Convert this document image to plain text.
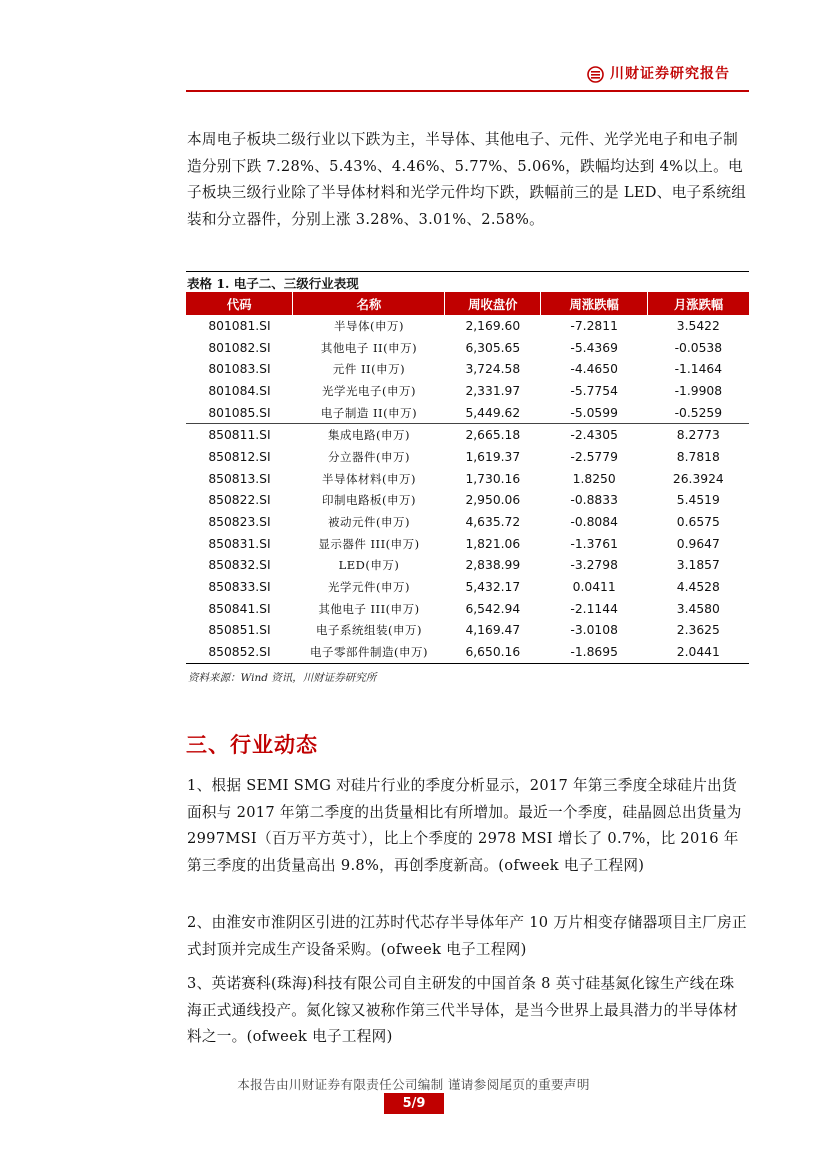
川财证券研究报告

本周电子板块二级行业以下跌为主，半导体、其他电子、元件、光学光电子和电子制造分别下跌 7.28%、5.43%、4.46%、5.77%、5.06%，跌幅均达到 4%以上。电子板块三级行业除了半导体材料和光学元件均下跌，跌幅前三的是 LED、电子系统组装和分立器件，分别上涨 3.28%、3.01%、2.58%。

表格 1. 电子二、三级行业表现
代码	名称	周收盘价	周涨跌幅	月涨跌幅
801081.SI	半导体(申万)	2,169.60	-7.2811	3.5422
801082.SI	其他电子 II(申万)	6,305.65	-5.4369	-0.0538
801083.SI	元件 II(申万)	3,724.58	-4.4650	-1.1464
801084.SI	光学光电子(申万)	2,331.97	-5.7754	-1.9908
801085.SI	电子制造 II(申万)	5,449.62	-5.0599	-0.5259
850811.SI	集成电路(申万)	2,665.18	-2.4305	8.2773
850812.SI	分立器件(申万)	1,619.37	-2.5779	8.7818
850813.SI	半导体材料(申万)	1,730.16	1.8250	26.3924
850822.SI	印制电路板(申万)	2,950.06	-0.8833	5.4519
850823.SI	被动元件(申万)	4,635.72	-0.8084	0.6575
850831.SI	显示器件 III(申万)	1,821.06	-1.3761	0.9647
850832.SI	LED(申万)	2,838.99	-3.2798	3.1857
850833.SI	光学元件(申万)	5,432.17	0.0411	4.4528
850841.SI	其他电子 III(申万)	6,542.94	-2.1144	3.4580
850851.SI	电子系统组装(申万)	4,169.47	-3.0108	2.3625
850852.SI	电子零部件制造(申万)	6,650.16	-1.8695	2.0441
资料来源：Wind 资讯，川财证券研究所
三、行业动态

1、根据 SEMI SMG 对硅片行业的季度分析显示，2017 年第三季度全球硅片出货面积与 2017 年第二季度的出货量相比有所增加。最近一个季度，硅晶圆总出货量为 2997MSI（百万平方英寸），比上个季度的 2978 MSI 增长了 0.7%，比 2016 年第三季度的出货量高出 9.8%，再创季度新高。(ofweek 电子工程网)

2、由淮安市淮阴区引进的江苏时代芯存半导体年产 10 万片相变存储器项目主厂房正式封顶并完成生产设备采购。(ofweek 电子工程网)

3、英诺赛科(珠海)科技有限公司自主研发的中国首条 8 英寸硅基氮化镓生产线在珠海正式通线投产。氮化镓又被称作第三代半导体，是当今世界上最具潜力的半导体材料之一。(ofweek 电子工程网)

本报告由川财证券有限责任公司编制 谨请参阅尾页的重要声明
5/9
